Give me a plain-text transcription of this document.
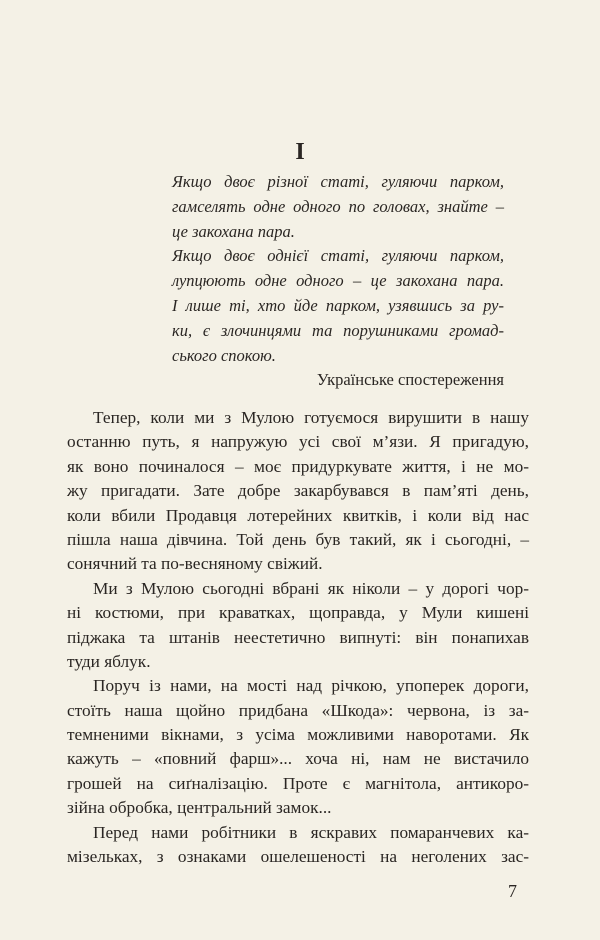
I
Якщо двоє різної статі, гуляючи парком,
гамселять одне одного по головах, знайте –
це закохана пара.
Якщо двоє однієї статі, гуляючи парком,
лупцюють одне одного – це закохана пара.
І лише ті, хто йде парком, узявшись за ру-
ки, є злочинцями та порушниками громад-
ського спокою.
Українське спостереження
Тепер, коли ми з Мулою готуємося вирушити в нашу
останню путь, я напружую усі свої м’язи. Я пригадую,
як воно починалося – моє придуркувате життя, і не мо-
жу пригадати. Зате добре закарбувався в пам’яті день,
коли вбили Продавця лотерейних квитків, і коли від нас
пішла наша дівчина. Той день був такий, як і сьогодні, –
сонячний та по-весняному свіжий.
Ми з Мулою сьогодні вбрані як ніколи – у дорогі чор-
ні костюми, при краватках, щоправда, у Мули кишені
піджака та штанів неестетично випнуті: він понапихав
туди яблук.
Поруч із нами, на мості над річкою, упоперек дороги,
стоїть наша щойно придбана «Шкода»: червона, із за-
темненими вікнами, з усіма можливими наворотами. Як
кажуть – «повний фарш»... хоча ні, нам не вистачило
грошей на сиґналізацію. Проте є магнітола, антикоро-
зійна обробка, центральний замок...
Перед нами робітники в яскравих помаранчевих ка-
мізельках, з ознаками ошелешеності на неголених зас-
7
